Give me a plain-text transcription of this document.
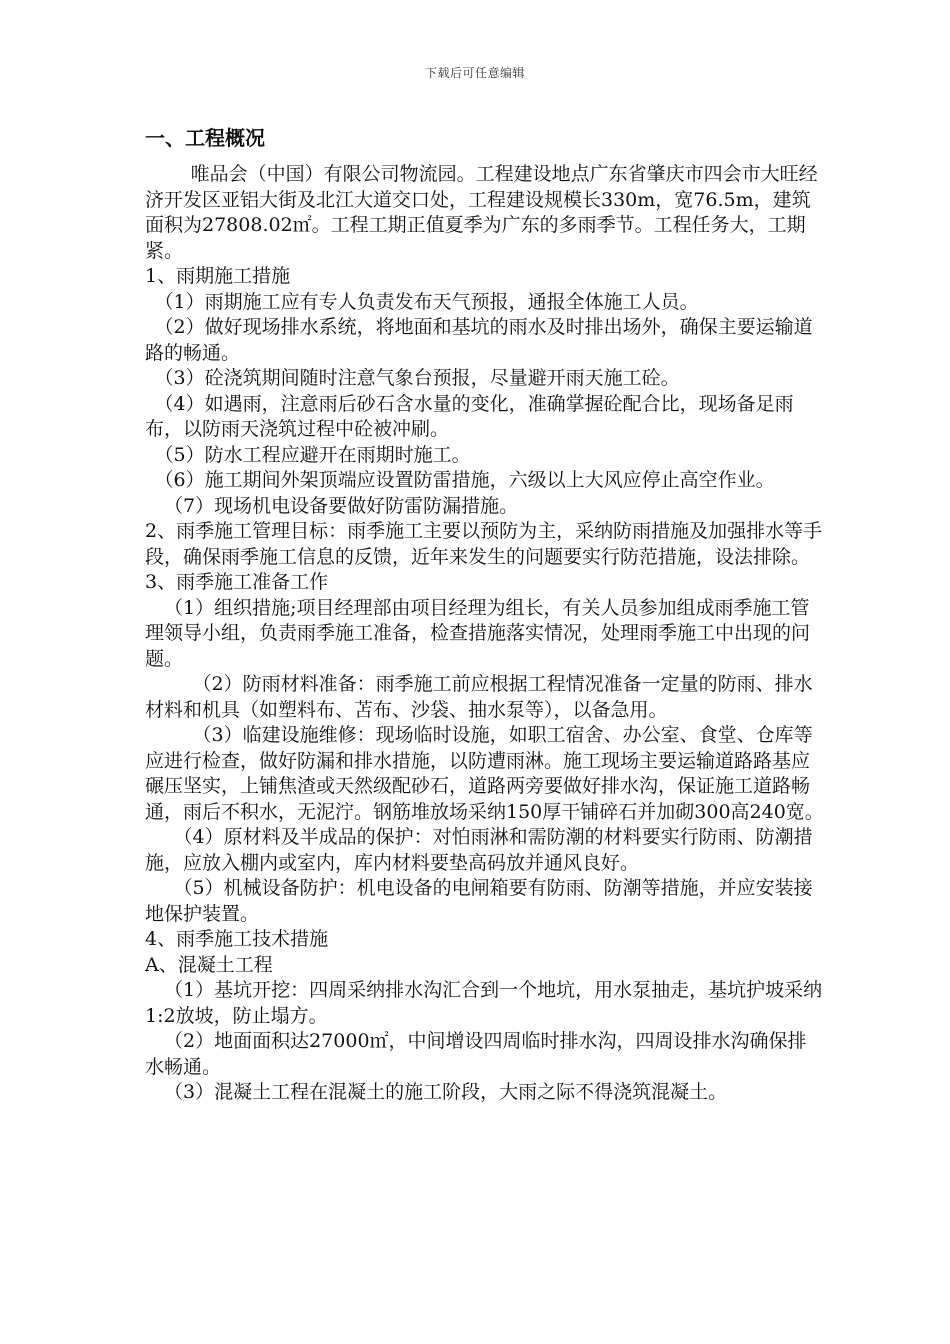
下载后可任意编辑
一、工程概况

唯品会（中国）有限公司物流园。工程建设地点广东省肇庆市四会市大旺经济开发区亚铝大街及北江大道交口处，工程建设规模长330m，宽76.5m，建筑面积为27808.02㎡。工程工期正值夏季为广东的多雨季节。工程任务大，工期紧。

1、雨期施工措施

（1）雨期施工应有专人负责发布天气预报，通报全体施工人员。

（2）做好现场排水系统，将地面和基坑的雨水及时排出场外，确保主要运输道路的畅通。

（3）砼浇筑期间随时注意气象台预报，尽量避开雨天施工砼。

（4）如遇雨，注意雨后砂石含水量的变化，准确掌握砼配合比，现场备足雨布，以防雨天浇筑过程中砼被冲刷。

（5）防水工程应避开在雨期时施工。

（6）施工期间外架顶端应设置防雷措施，六级以上大风应停止高空作业。

（7）现场机电设备要做好防雷防漏措施。

2、雨季施工管理目标：雨季施工主要以预防为主，采纳防雨措施及加强排水等手段，确保雨季施工信息的反馈，近年来发生的问题要实行防范措施，设法排除。

3、雨季施工准备工作

（1）组织措施;项目经理部由项目经理为组长，有关人员参加组成雨季施工管理领导小组，负责雨季施工准备，检查措施落实情况，处理雨季施工中出现的问题。

（2）防雨材料准备：雨季施工前应根据工程情况准备一定量的防雨、排水材料和机具（如塑料布、苫布、沙袋、抽水泵等），以备急用。

（3）临建设施维修：现场临时设施，如职工宿舍、办公室、食堂、仓库等应进行检查，做好防漏和排水措施，以防遭雨淋。施工现场主要运输道路路基应碾压坚实，上铺焦渣或天然级配砂石，道路两旁要做好排水沟，保证施工道路畅通，雨后不积水，无泥泞。钢筋堆放场采纳150厚干铺碎石并加砌300高240宽。

（4）原材料及半成品的保护：对怕雨淋和需防潮的材料要实行防雨、防潮措施，应放入棚内或室内，库内材料要垫高码放并通风良好。

（5）机械设备防护：机电设备的电闸箱要有防雨、防潮等措施，并应安装接地保护装置。

4、雨季施工技术措施

A、混凝土工程

（1）基坑开挖：四周采纳排水沟汇合到一个地坑，用水泵抽走，基坑护坡采纳1:2放坡，防止塌方。

（2）地面面积达27000㎡，中间增设四周临时排水沟，四周设排水沟确保排水畅通。

（3）混凝土工程在混凝土的施工阶段，大雨之际不得浇筑混凝土。
